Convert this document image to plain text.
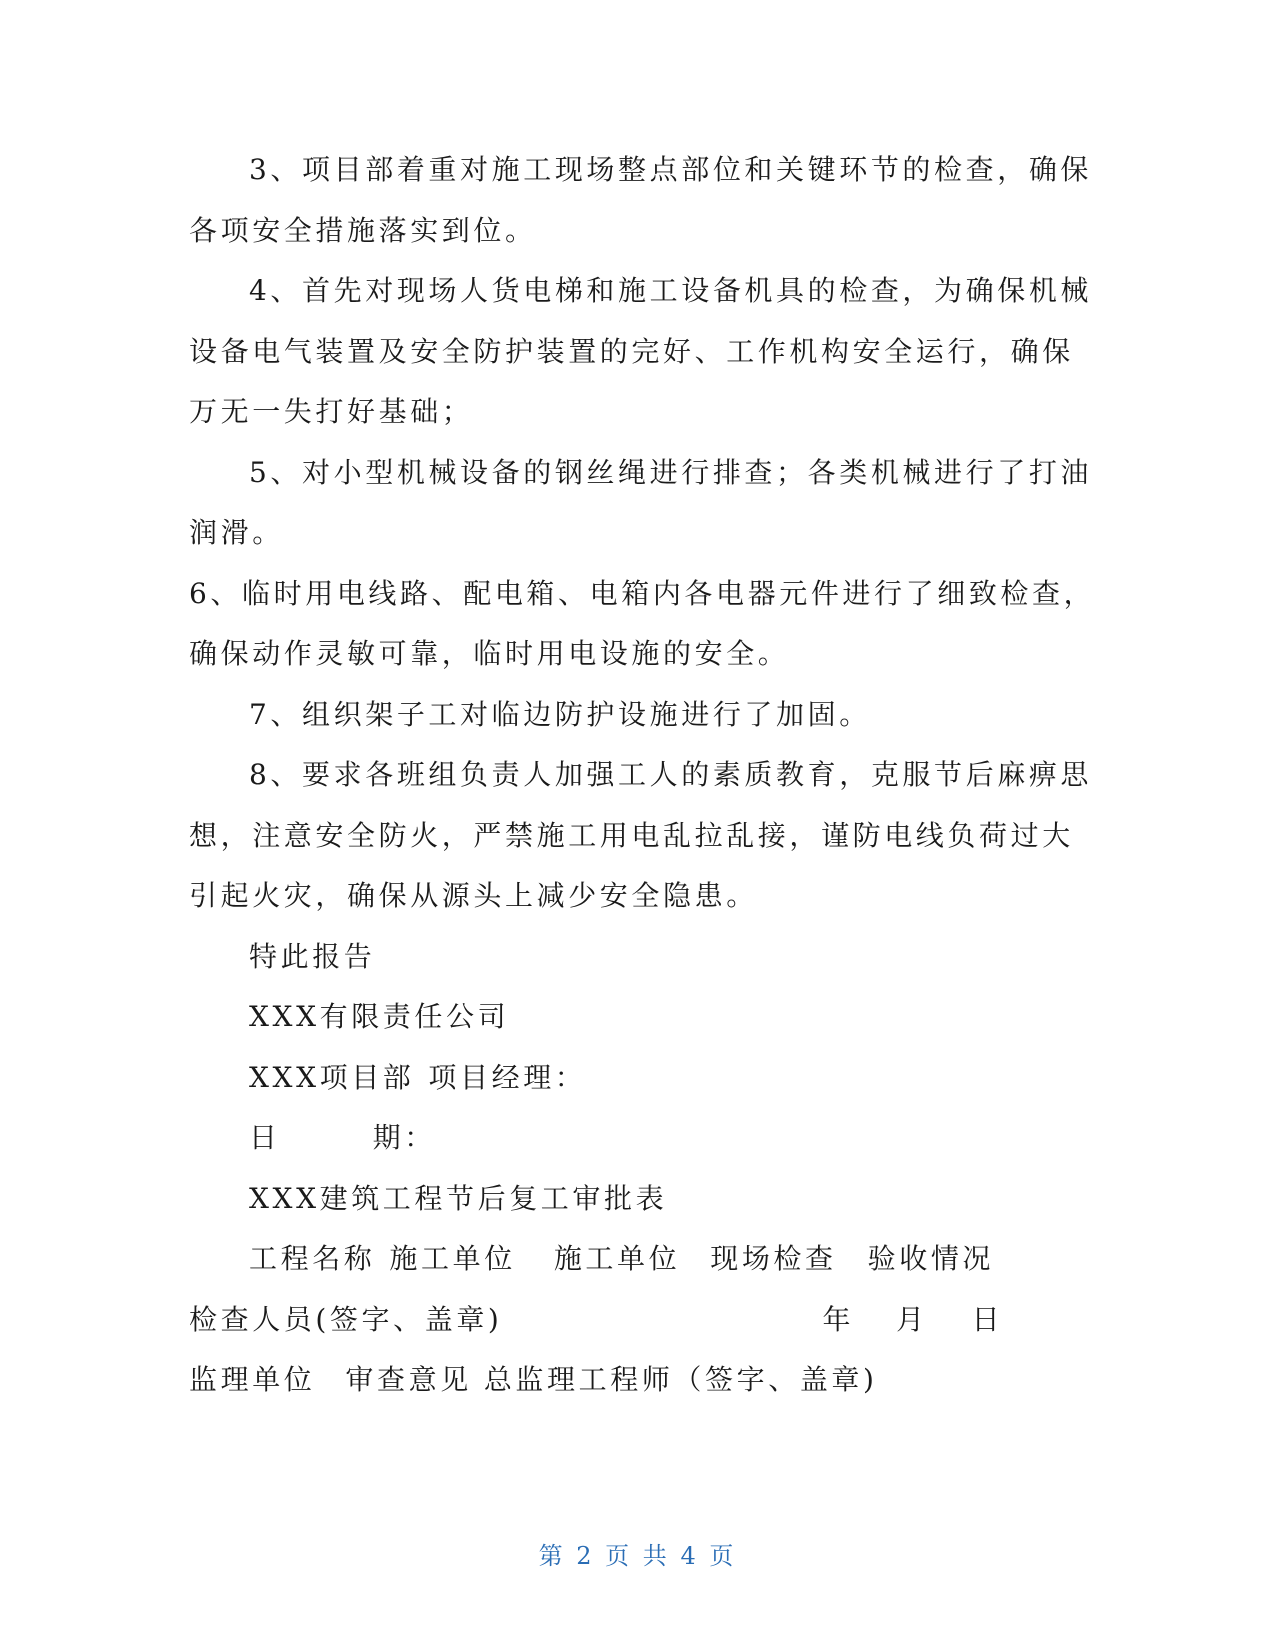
3、项目部着重对施工现场整点部位和关键环节的检查，确保
各项安全措施落实到位。
4、首先对现场人货电梯和施工设备机具的检查，为确保机械
设备电气装置及安全防护装置的完好、工作机构安全运行，确保
万无一失打好基础；
5、对小型机械设备的钢丝绳进行排查；各类机械进行了打油
润滑。
6、临时用电线路、配电箱、电箱内各电器元件进行了细致检查，
确保动作灵敏可靠，临时用电设施的安全。
7、组织架子工对临边防护设施进行了加固。
8、要求各班组负责人加强工人的素质教育，克服节后麻痹思
想，注意安全防火，严禁施工用电乱拉乱接，谨防电线负荷过大
引起火灾，确保从源头上减少安全隐患。
特此报告
XXX有限责任公司
XXX项目部 项目经理：
日	期：
XXX建筑工程节后复工审批表
工程名称 施工单位 施工单位 现场检查 验收情况
检查人员(签字、盖章)	年 月 日
监理单位 审查意见 总监理工程师（签字、盖章)
第 2 页 共 4 页
